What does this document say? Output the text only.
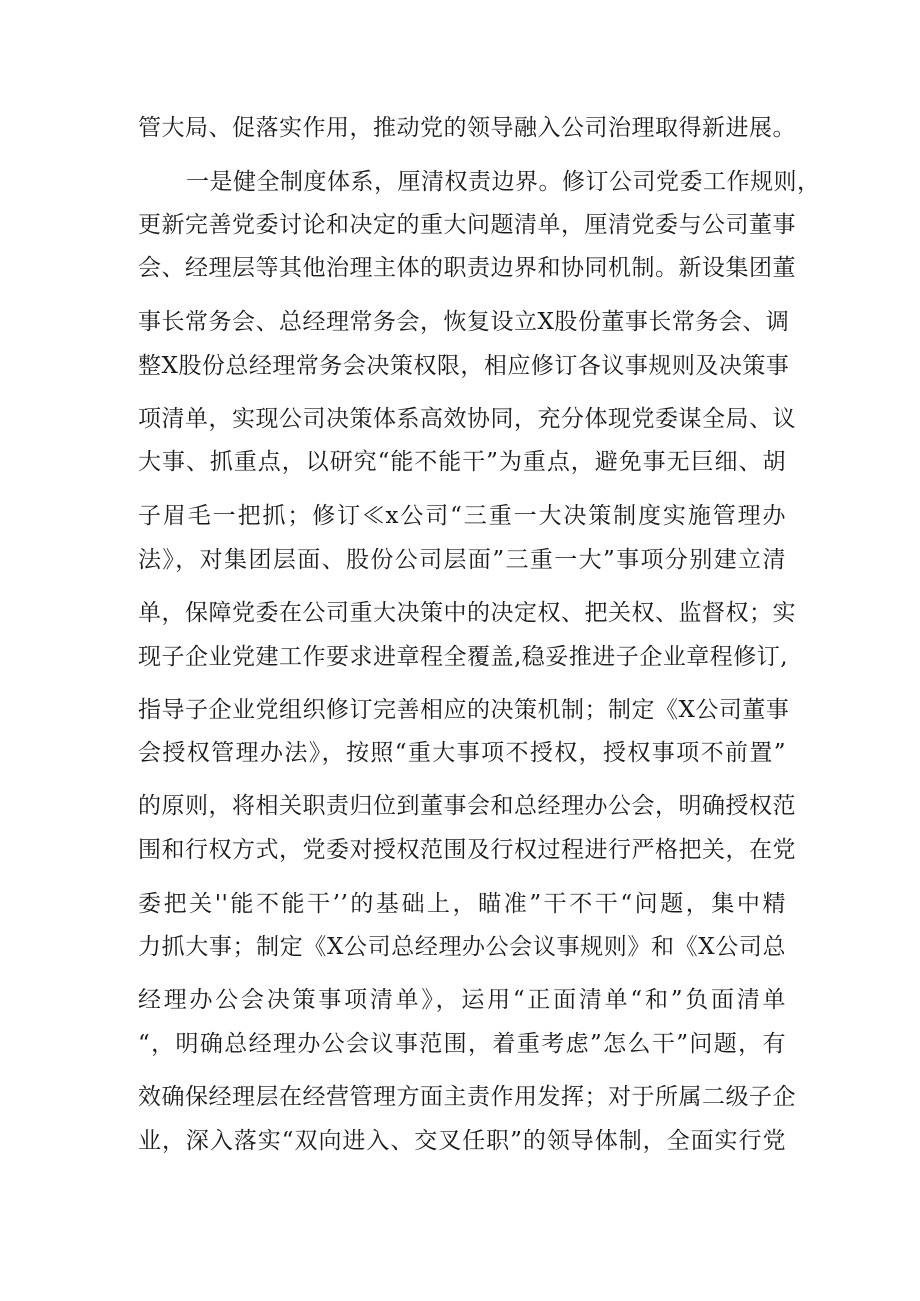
管大局、促落实作用，推动党的领导融入公司治理取得新进展。
一是健全制度体系，厘清权责边界。修订公司党委工作规则，
更新完善党委讨论和决定的重大问题清单，厘清党委与公司董事
会、经理层等其他治理主体的职责边界和协同机制。新设集团董
事长常务会、总经理常务会，恢复设立X股份董事长常务会、调
整X股份总经理常务会决策权限，相应修订各议事规则及决策事
项清单，实现公司决策体系高效协同，充分体现党委谋全局、议
大事、抓重点，以研究“能不能干”为重点，避免事无巨细、胡
子眉毛一把抓；修订≪x公司“三重一大决策制度实施管理办
法》，对集团层面、股份公司层面”三重一大”事项分别建立清
单，保障党委在公司重大决策中的决定权、把关权、监督权；实
现子企业党建工作要求进章程全覆盖,稳妥推进子企业章程修订,
指导子企业党组织修订完善相应的决策机制；制定《X公司董事
会授权管理办法》，按照“重大事项不授权，授权事项不前置”
的原则，将相关职责归位到董事会和总经理办公会，明确授权范
围和行权方式，党委对授权范围及行权过程进行严格把关，在党
委把关''能不能干’’的基础上，瞄准”干不干“问题，集中精
力抓大事；制定《X公司总经理办公会议事规则》和《X公司总
经理办公会决策事项清单》，运用“正面清单“和”负面清单
“，明确总经理办公会议事范围，着重考虑”怎么干”问题，有
效确保经理层在经营管理方面主责作用发挥；对于所属二级子企
业，深入落实“双向进入、交叉任职”的领导体制，全面实行党
